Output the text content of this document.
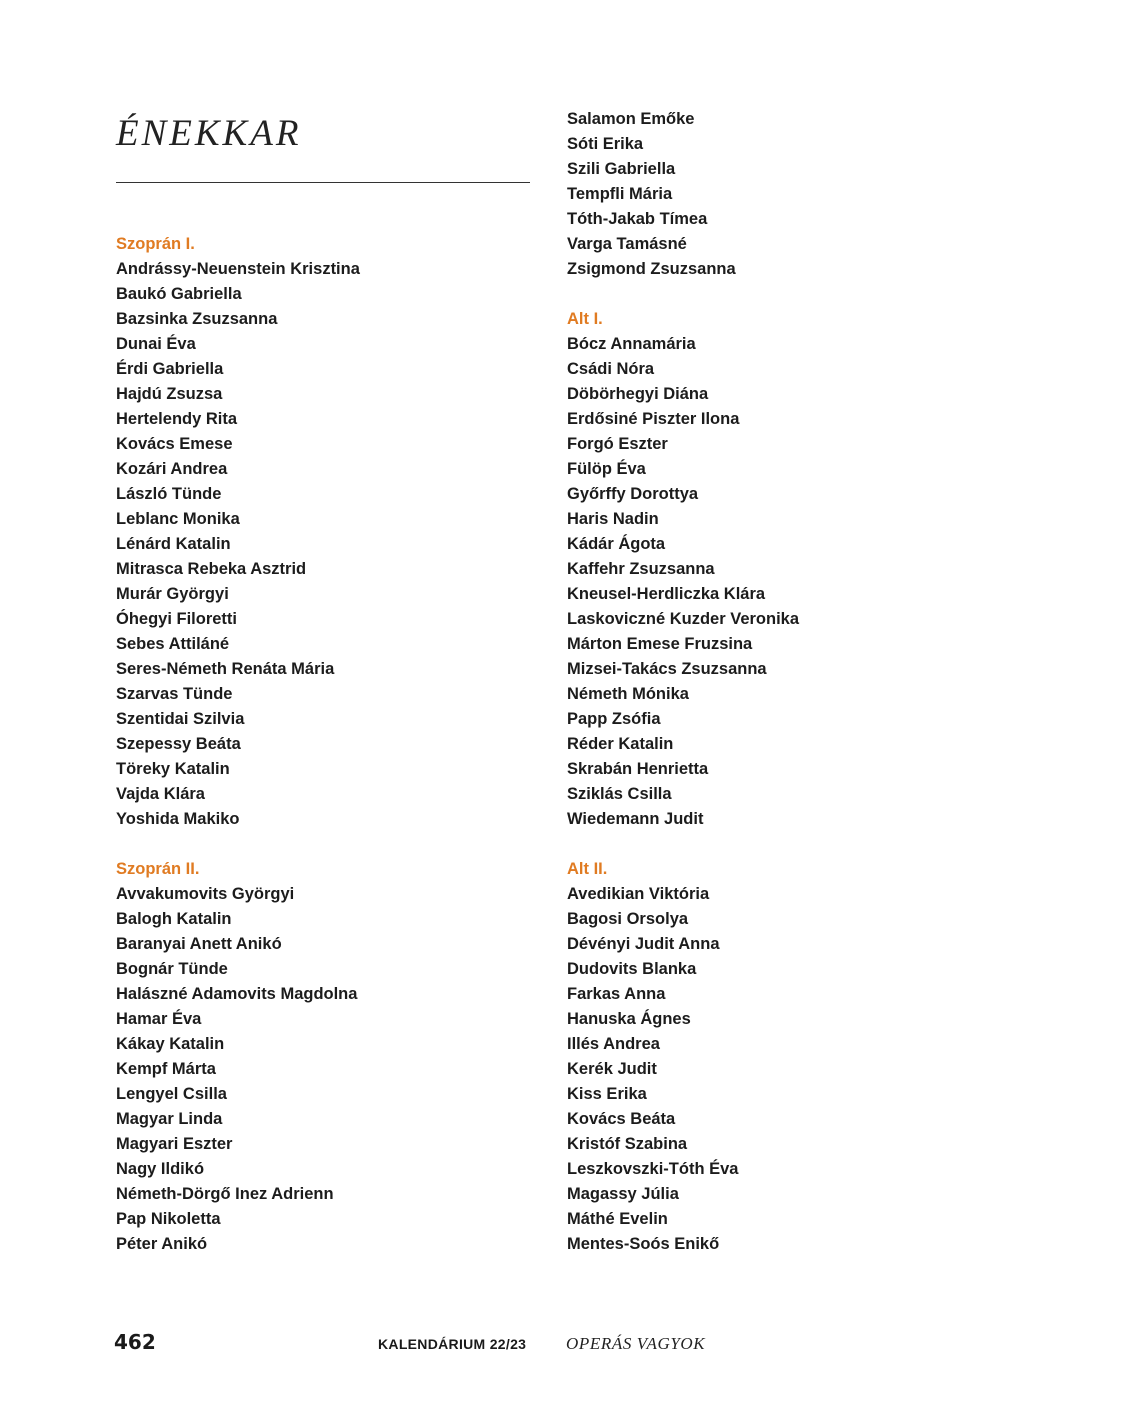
ÉNEKKAR
Szoprán I.
Andrássy-Neuenstein Krisztina
Baukó Gabriella
Bazsinka Zsuzsanna
Dunai Éva
Érdi Gabriella
Hajdú Zsuzsa
Hertelendy Rita
Kovács Emese
Kozári Andrea
László Tünde
Leblanc Monika
Lénárd Katalin
Mitrasca Rebeka Asztrid
Murár Györgyi
Óhegyi Filoretti
Sebes Attiláné
Seres-Németh Renáta Mária
Szarvas Tünde
Szentidai Szilvia
Szepessy Beáta
Töreky Katalin
Vajda Klára
Yoshida Makiko
Szoprán II.
Avvakumovits Györgyi
Balogh Katalin
Baranyai Anett Anikó
Bognár Tünde
Halászné Adamovits Magdolna
Hamar Éva
Kákay Katalin
Kempf Márta
Lengyel Csilla
Magyar Linda
Magyari Eszter
Nagy Ildikó
Németh-Dörgő Inez Adrienn
Pap Nikoletta
Péter Anikó
Salamon Emőke
Sóti Erika
Szili Gabriella
Tempfli Mária
Tóth-Jakab Tímea
Varga Tamásné
Zsigmond Zsuzsanna
Alt I.
Bócz Annamária
Csádi Nóra
Döbörhegyi Diána
Erdősiné Piszter Ilona
Forgó Eszter
Fülöp Éva
Győrffy Dorottya
Haris Nadin
Kádár Ágota
Kaffehr Zsuzsanna
Kneusel-Herdliczka Klára
Laskoviczné Kuzder Veronika
Márton Emese Fruzsina
Mizsei-Takács Zsuzsanna
Németh Mónika
Papp Zsófia
Réder Katalin
Skrabán Henrietta
Sziklás Csilla
Wiedemann Judit
Alt II.
Avedikian Viktória
Bagosi Orsolya
Dévényi Judit Anna
Dudovits Blanka
Farkas Anna
Hanuska Ágnes
Illés Andrea
Kerék Judit
Kiss Erika
Kovács Beáta
Kristóf Szabina
Leszkovszki-Tóth Éva
Magassy Júlia
Máthé Evelin
Mentes-Soós Enikő
462	KALENDÁRIUM 22/23 OPERÁS VAGYOK
